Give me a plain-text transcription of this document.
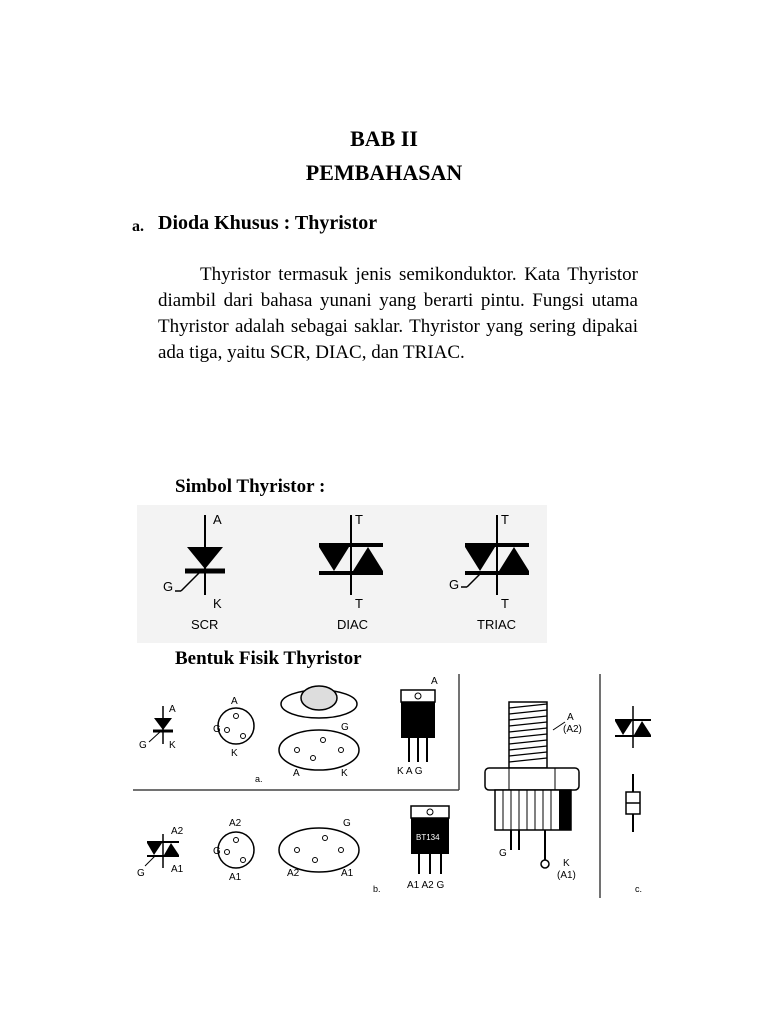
BAB II
PEMBAHASAN
a. Dioda Khusus : Thyristor
Thyristor termasuk jenis semikonduktor. Kata Thyristor diambil dari bahasa yunani yang berarti pintu. Fungsi utama Thyristor adalah sebagai saklar. Thyristor yang sering dipakai ada tiga, yaitu SCR, DIAC, dan TRIAC.
Simbol Thyristor :
A
G
K
SCR
T
T
DIAC
T
G
T
TRIAC
Bentuk Fisik Thyristor
A
G K
A
G
K
G
A	K
A
K A G
a.
A2
G	A1
A2
G
A1
G
A2	A1
BT134
A1 A2 G
b.
A
(A2)
G
K
(A1)
c.
